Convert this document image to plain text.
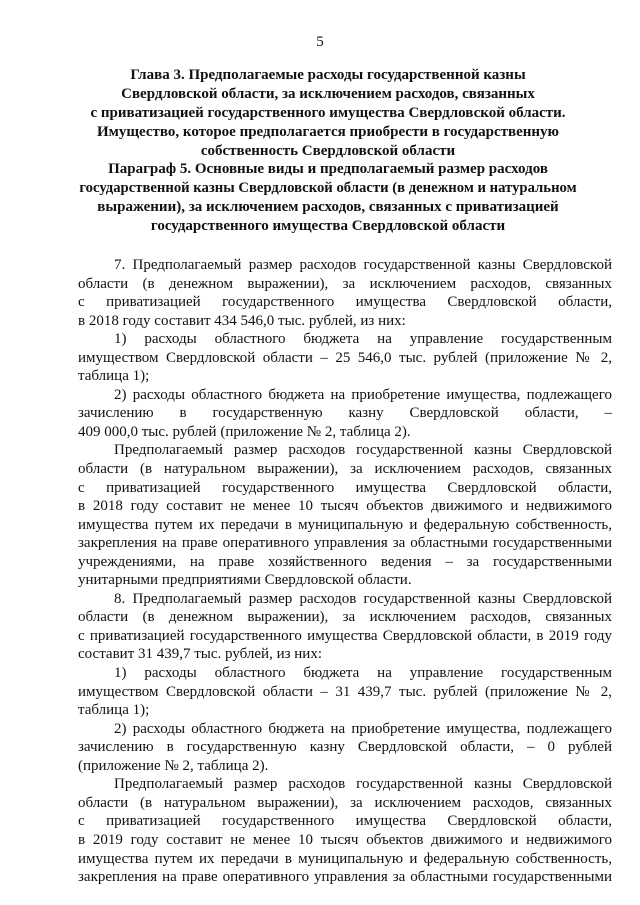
5
Глава 3. Предполагаемые расходы государственной казны
Свердловской области, за исключением расходов, связанных
с приватизацией государственного имущества Свердловской области.
Имущество, которое предполагается приобрести в государственную
собственность Свердловской области
Параграф 5. Основные виды и предполагаемый размер расходов
государственной казны Свердловской области (в денежном и натуральном
выражении), за исключением расходов, связанных с приватизацией
государственного имущества Свердловской области
7. Предполагаемый размер расходов государственной казны Свердловской
области (в денежном выражении), за исключением расходов, связанных
с приватизацией государственного имущества Свердловской области,
в 2018 году составит 434 546,0 тыс. рублей, из них:
1) расходы областного бюджета на управление государственным
имуществом Свердловской области – 25 546,0 тыс. рублей (приложение № 2,
таблица 1);
2) расходы областного бюджета на приобретение имущества, подлежащего
зачислению в государственную казну Свердловской области, –
409 000,0 тыс. рублей (приложение № 2, таблица 2).
Предполагаемый размер расходов государственной казны Свердловской
области (в натуральном выражении), за исключением расходов, связанных
с приватизацией государственного имущества Свердловской области,
в 2018 году составит не менее 10 тысяч объектов движимого и недвижимого
имущества путем их передачи в муниципальную и федеральную собственность,
закрепления на праве оперативного управления за областными государственными
учреждениями, на праве хозяйственного ведения – за государственными
унитарными предприятиями Свердловской области.
8. Предполагаемый размер расходов государственной казны Свердловской
области (в денежном выражении), за исключением расходов, связанных
с приватизацией государственного имущества Свердловской области, в 2019 году
составит 31 439,7 тыс. рублей, из них:
1) расходы областного бюджета на управление государственным
имуществом Свердловской области – 31 439,7 тыс. рублей (приложение № 2,
таблица 1);
2) расходы областного бюджета на приобретение имущества, подлежащего
зачислению в государственную казну Свердловской области, – 0 рублей
(приложение № 2, таблица 2).
Предполагаемый размер расходов государственной казны Свердловской
области (в натуральном выражении), за исключением расходов, связанных
с приватизацией государственного имущества Свердловской области,
в 2019 году составит не менее 10 тысяч объектов движимого и недвижимого
имущества путем их передачи в муниципальную и федеральную собственность,
закрепления на праве оперативного управления за областными государственными
